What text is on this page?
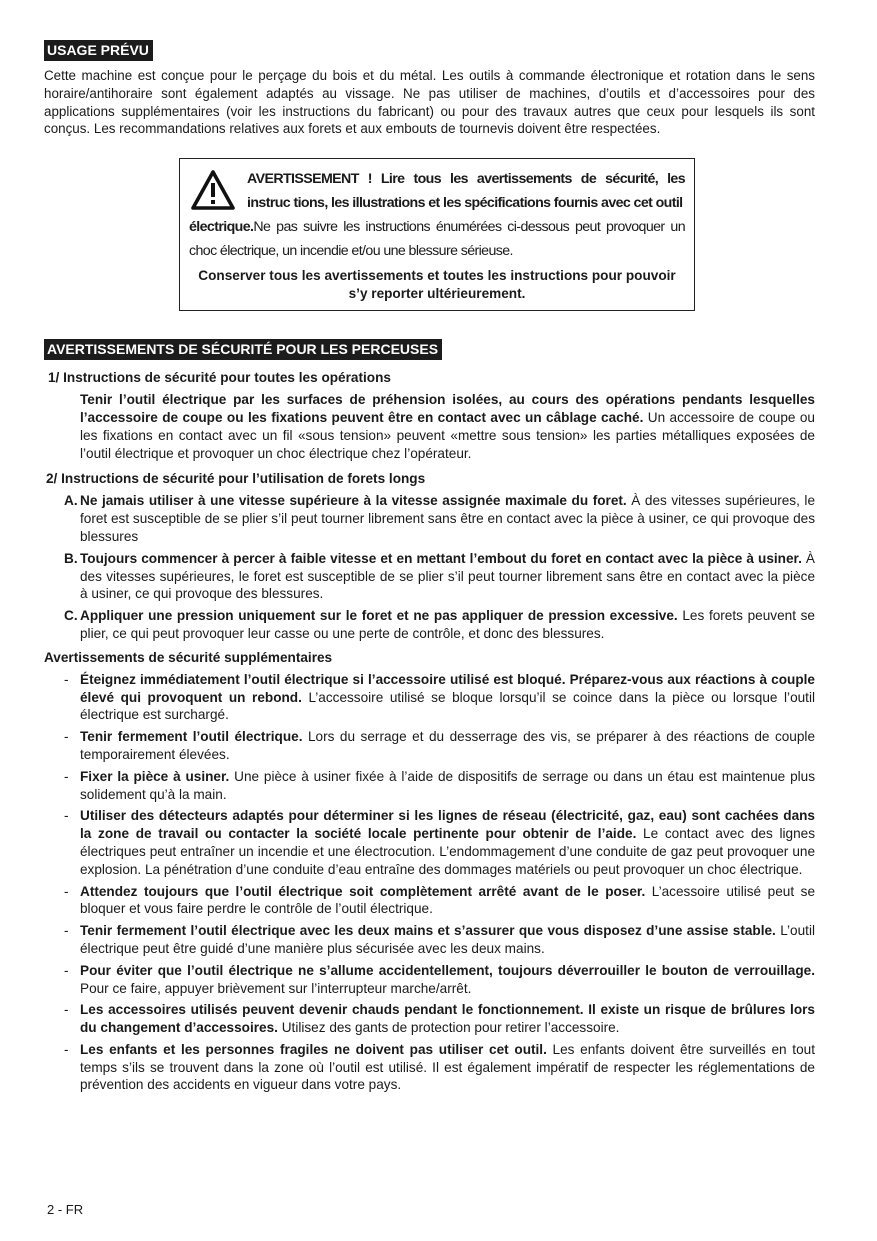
USAGE PRÉVU

Cette machine est conçue pour le perçage du bois et du métal. Les outils à commande électronique et rotation dans le sens horaire/antihoraire sont également adaptés au vissage. Ne pas utiliser de machines, d’outils et d’accessoires pour des applications supplémentaires (voir les instructions du fabricant) ou pour des travaux autres que ceux pour lesquels ils sont conçus. Les recommandations relatives aux forets et aux embouts de tournevis doivent être respectées.

AVERTISSEMENT ! Lire tous les avertissements de sécurité, les instruc tions, les illustrations et les spécifications fournis avec cet outil
électrique.Ne pas suivre les instructions énumérées ci-dessous peut provoquer un choc électrique, un incendie et/ou une blessure sérieuse.
Conserver tous les avertissements et toutes les instructions pour pouvoir s’y reporter ultérieurement.
AVERTISSEMENTS DE SÉCURITÉ POUR LES PERCEUSES

1/ Instructions de sécurité pour toutes les opérations

Tenir l’outil électrique par les surfaces de préhension isolées, au cours des opérations pendants lesquelles l’accessoire de coupe ou les fixations peuvent être en contact avec un câblage caché. Un accessoire de coupe ou les fixations en contact avec un fil «sous tension» peuvent «mettre sous tension» les parties métalliques exposées de l’outil électrique et provoquer un choc électrique chez l’opérateur.

2/ Instructions de sécurité pour l’utilisation de forets longs

A. Ne jamais utiliser à une vitesse supérieure à la vitesse assignée maximale du foret. À des vitesses supérieures, le foret est susceptible de se plier s’il peut tourner librement sans être en contact avec la pièce à usiner, ce qui provoque des blessures
B. Toujours commencer à percer à faible vitesse et en mettant l’embout du foret en contact avec la pièce à usiner. À des vitesses supérieures, le foret est susceptible de se plier s’il peut tourner librement sans être en contact avec la pièce à usiner, ce qui provoque des blessures.
C. Appliquer une pression uniquement sur le foret et ne pas appliquer de pression excessive. Les forets peuvent se plier, ce qui peut provoquer leur casse ou une perte de contrôle, et donc des blessures.

Avertissements de sécurité supplémentaires

- Éteignez immédiatement l’outil électrique si l’accessoire utilisé est bloqué. Préparez-vous aux réactions à couple élevé qui provoquent un rebond. L’accessoire utilisé se bloque lorsqu’il se coince dans la pièce ou lorsque l’outil électrique est surchargé.
- Tenir fermement l’outil électrique. Lors du serrage et du desserrage des vis, se préparer à des réactions de couple temporairement élevées.
- Fixer la pièce à usiner. Une pièce à usiner fixée à l’aide de dispositifs de serrage ou dans un étau est maintenue plus solidement qu’à la main.
- Utiliser des détecteurs adaptés pour déterminer si les lignes de réseau (électricité, gaz, eau) sont cachées dans la zone de travail ou contacter la société locale pertinente pour obtenir de l’aide. Le contact avec des lignes électriques peut entraîner un incendie et une électrocution. L’endommagement d’une conduite de gaz peut provoquer une explosion. La pénétration d’une conduite d’eau entraîne des dommages matériels ou peut provoquer un choc électrique.
- Attendez toujours que l’outil électrique soit complètement arrêté avant de le poser. L’acessoire utilisé peut se bloquer et vous faire perdre le contrôle de l’outil électrique.
- Tenir fermement l’outil électrique avec les deux mains et s’assurer que vous disposez d’une assise stable. L’outil électrique peut être guidé d’une manière plus sécurisée avec les deux mains.
- Pour éviter que l’outil électrique ne s’allume accidentellement, toujours déverrouiller le bouton de verrouillage. Pour ce faire, appuyer brièvement sur l’interrupteur marche/arrêt.
- Les accessoires utilisés peuvent devenir chauds pendant le fonctionnement. Il existe un risque de brûlures lors du changement d’accessoires. Utilisez des gants de protection pour retirer l’accessoire.
- Les enfants et les personnes fragiles ne doivent pas utiliser cet outil. Les enfants doivent être surveillés en tout temps s’ils se trouvent dans la zone où l’outil est utilisé. Il est également impératif de respecter les réglementations de prévention des accidents en vigueur dans votre pays.
2 - FR
